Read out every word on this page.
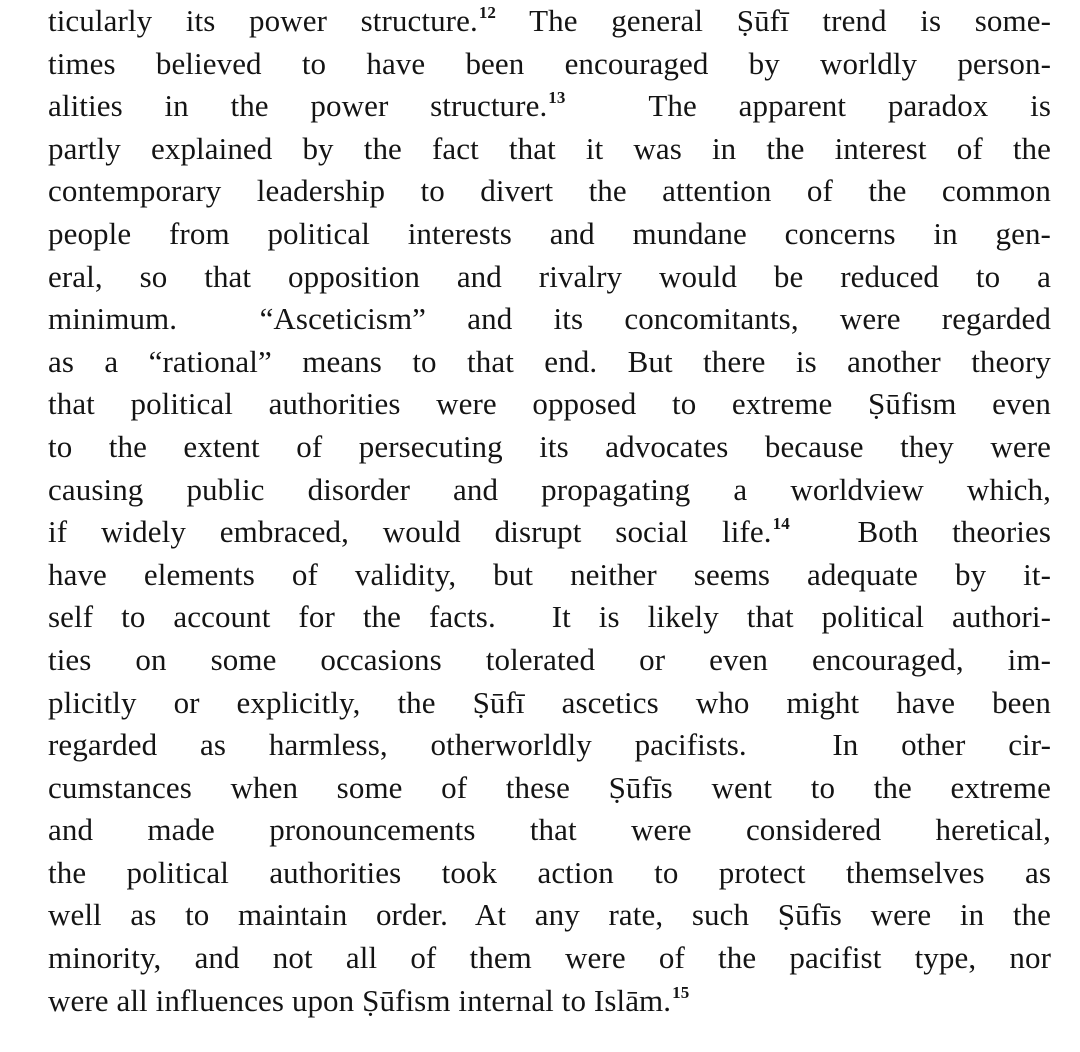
ticularly its power structure.$^{12}$ The general Ṣūfī trend is some-
times believed to have been encouraged by worldly person-
alities in the power structure.$^{13}$  The apparent paradox is
partly explained by the fact that it was in the interest of the
contemporary leadership to divert the attention of the common
people from political interests and mundane concerns in gen-
eral, so that opposition and rivalry would be reduced to a
minimum.  “Asceticism” and its concomitants, were regarded
as a “rational” means to that end. But there is another theory
that political authorities were opposed to extreme Ṣūfism even
to the extent of persecuting its advocates because they were
causing public disorder and propagating a worldview which,
if widely embraced, would disrupt social life.$^{14}$  Both theories
have elements of validity, but neither seems adequate by it-
self to account for the facts.  It is likely that political authori-
ties on some occasions tolerated or even encouraged, im-
plicitly or explicitly, the Ṣūfī ascetics who might have been
regarded as harmless, otherworldly pacifists.  In other cir-
cumstances when some of these Ṣūfīs went to the extreme
and made pronouncements that were considered heretical,
the political authorities took action to protect themselves as
well as to maintain order. At any rate, such Ṣūfīs were in the
minority, and not all of them were of the pacifist type, nor
were all influences upon Ṣūfism internal to Islām.$^{15}$
